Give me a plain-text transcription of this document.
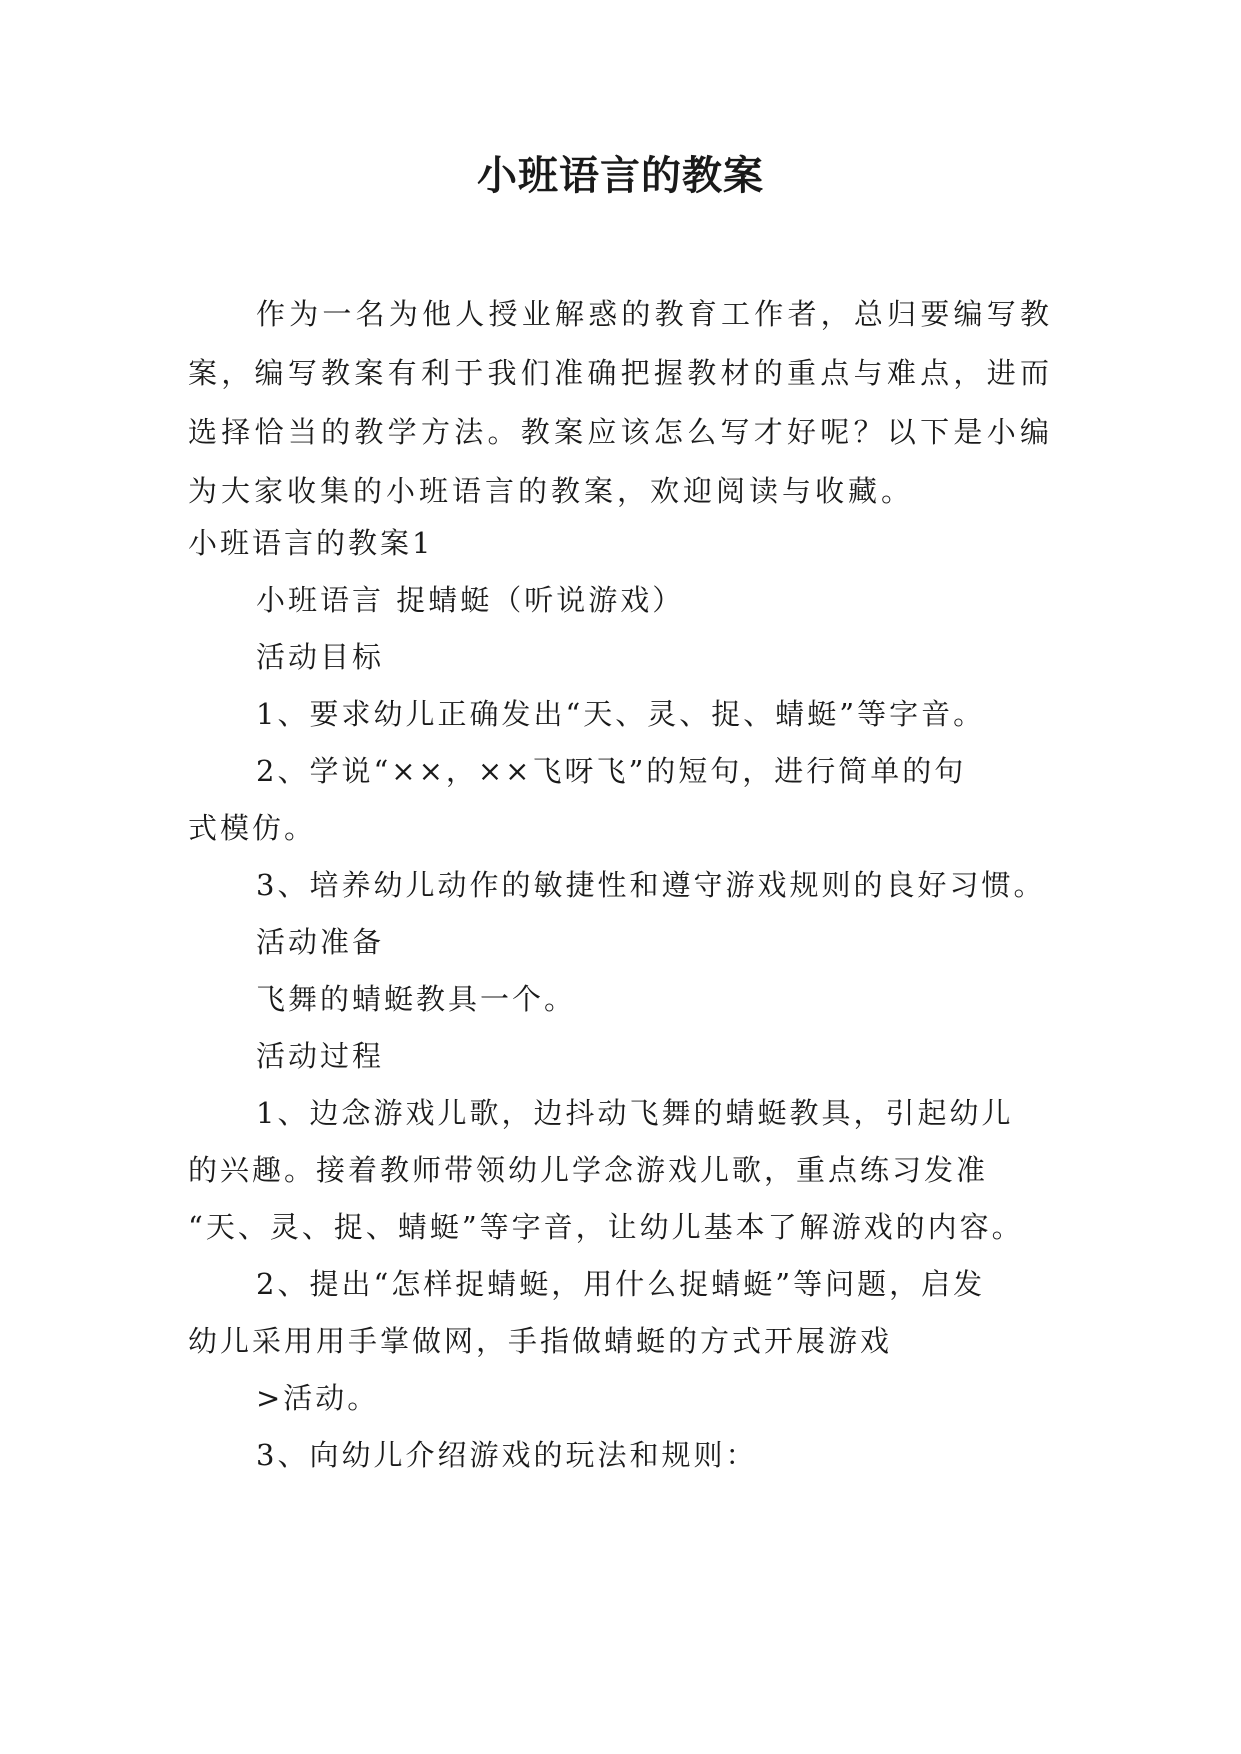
小班语言的教案

作为一名为他人授业解惑的教育工作者，总归要编写教案，编写教案有利于我们准确把握教材的重点与难点，进而选择恰当的教学方法。教案应该怎么写才好呢？以下是小编为大家收集的小班语言的教案，欢迎阅读与收藏。

小班语言的教案1

小班语言 捉蜻蜓（听说游戏）

活动目标

1、要求幼儿正确发出“天、灵、捉、蜻蜓”等字音。

2、学说“××，××飞呀飞”的短句，进行简单的句

式模仿。

3、培养幼儿动作的敏捷性和遵守游戏规则的良好习惯。

活动准备

飞舞的蜻蜓教具一个。

活动过程

1、边念游戏儿歌，边抖动飞舞的蜻蜓教具，引起幼儿

的兴趣。接着教师带领幼儿学念游戏儿歌，重点练习发准

“天、灵、捉、蜻蜓”等字音，让幼儿基本了解游戏的内容。

2、提出“怎样捉蜻蜓，用什么捉蜻蜓”等问题，启发

幼儿采用用手掌做网，手指做蜻蜓的方式开展游戏

>活动。

3、向幼儿介绍游戏的玩法和规则：
